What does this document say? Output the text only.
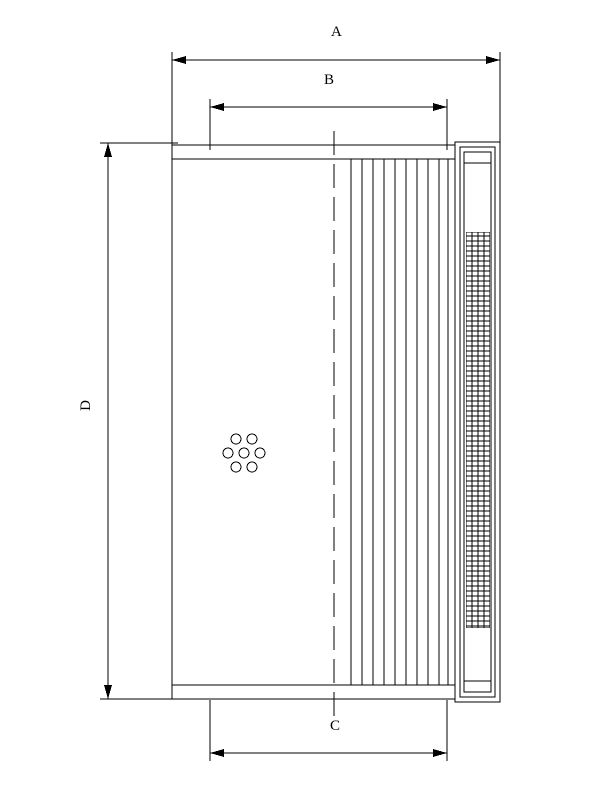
A
B
C
D
